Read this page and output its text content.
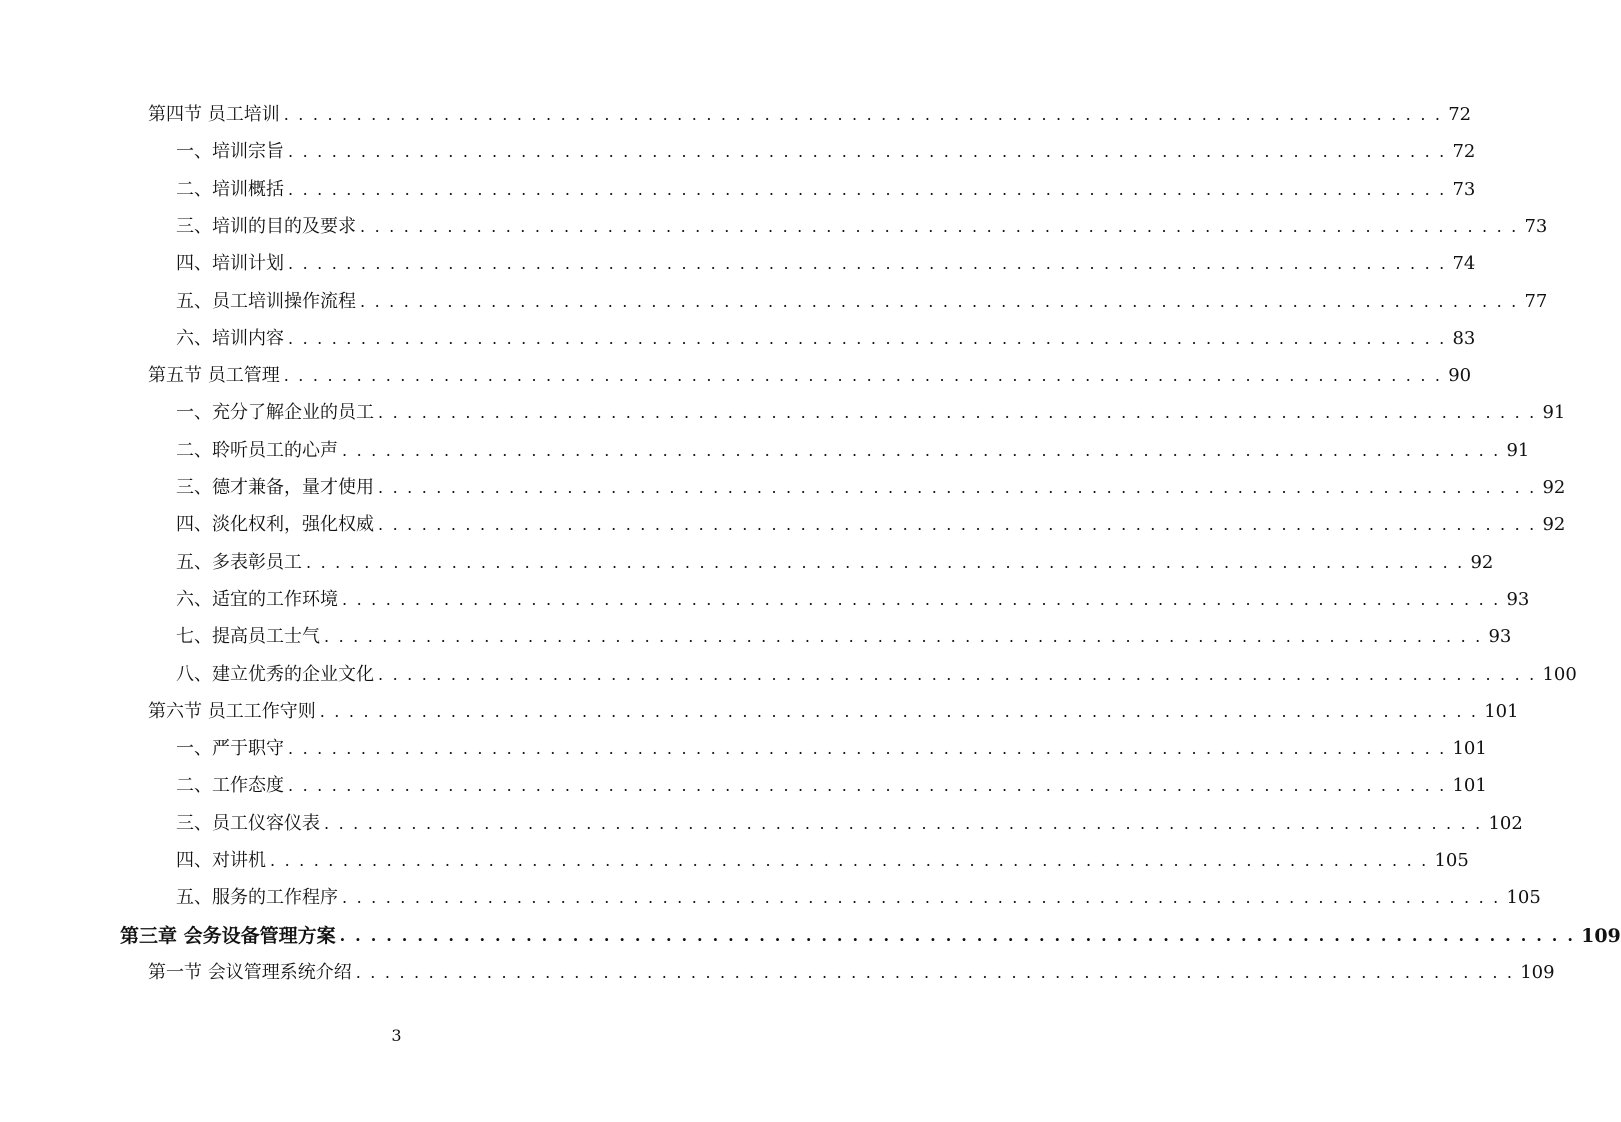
第四节 员工培训 . . . . . . . . . . . . . . . . . . . . . . . . . . . . . . . . . . . . . . . . . . . . . . . . . . . . . . . . . . . . . . . . . . . . . . . . . . . . . . . . 72
一、培训宗旨 . . . . . . . . . . . . . . . . . . . . . . . . . . . . . . . . . . . . . . . . . . . . . . . . . . . . . . . . . . . . . . . . . . . . . . . . . . . . . . . . 72
二、培训概括 . . . . . . . . . . . . . . . . . . . . . . . . . . . . . . . . . . . . . . . . . . . . . . . . . . . . . . . . . . . . . . . . . . . . . . . . . . . . . . . . 73
三、培训的目的及要求 . . . . . . . . . . . . . . . . . . . . . . . . . . . . . . . . . . . . . . . . . . . . . . . . . . . . . . . . . . . . . . . . . . . . . . . . . . . . . . . . 73
四、培训计划 . . . . . . . . . . . . . . . . . . . . . . . . . . . . . . . . . . . . . . . . . . . . . . . . . . . . . . . . . . . . . . . . . . . . . . . . . . . . . . . . 74
五、员工培训操作流程 . . . . . . . . . . . . . . . . . . . . . . . . . . . . . . . . . . . . . . . . . . . . . . . . . . . . . . . . . . . . . . . . . . . . . . . . . . . . . . . . 77
六、培训内容 . . . . . . . . . . . . . . . . . . . . . . . . . . . . . . . . . . . . . . . . . . . . . . . . . . . . . . . . . . . . . . . . . . . . . . . . . . . . . . . . 83
第五节 员工管理 . . . . . . . . . . . . . . . . . . . . . . . . . . . . . . . . . . . . . . . . . . . . . . . . . . . . . . . . . . . . . . . . . . . . . . . . . . . . . . . . 90
一、充分了解企业的员工 . . . . . . . . . . . . . . . . . . . . . . . . . . . . . . . . . . . . . . . . . . . . . . . . . . . . . . . . . . . . . . . . . . . . . . . . . . . . . . . . 91
二、聆听员工的心声 . . . . . . . . . . . . . . . . . . . . . . . . . . . . . . . . . . . . . . . . . . . . . . . . . . . . . . . . . . . . . . . . . . . . . . . . . . . . . . . . 91
三、德才兼备，量才使用 . . . . . . . . . . . . . . . . . . . . . . . . . . . . . . . . . . . . . . . . . . . . . . . . . . . . . . . . . . . . . . . . . . . . . . . . . . . . . . . . 92
四、淡化权利，强化权威 . . . . . . . . . . . . . . . . . . . . . . . . . . . . . . . . . . . . . . . . . . . . . . . . . . . . . . . . . . . . . . . . . . . . . . . . . . . . . . . . 92
五、多表彰员工 . . . . . . . . . . . . . . . . . . . . . . . . . . . . . . . . . . . . . . . . . . . . . . . . . . . . . . . . . . . . . . . . . . . . . . . . . . . . . . . . 92
六、适宜的工作环境 . . . . . . . . . . . . . . . . . . . . . . . . . . . . . . . . . . . . . . . . . . . . . . . . . . . . . . . . . . . . . . . . . . . . . . . . . . . . . . . . 93
七、提高员工士气 . . . . . . . . . . . . . . . . . . . . . . . . . . . . . . . . . . . . . . . . . . . . . . . . . . . . . . . . . . . . . . . . . . . . . . . . . . . . . . . . 93
八、建立优秀的企业文化 . . . . . . . . . . . . . . . . . . . . . . . . . . . . . . . . . . . . . . . . . . . . . . . . . . . . . . . . . . . . . . . . . . . . . . . . . . . . . . . . 100
第六节 员工工作守则 . . . . . . . . . . . . . . . . . . . . . . . . . . . . . . . . . . . . . . . . . . . . . . . . . . . . . . . . . . . . . . . . . . . . . . . . . . . . . . . . 101
一、严于职守 . . . . . . . . . . . . . . . . . . . . . . . . . . . . . . . . . . . . . . . . . . . . . . . . . . . . . . . . . . . . . . . . . . . . . . . . . . . . . . . . 101
二、工作态度 . . . . . . . . . . . . . . . . . . . . . . . . . . . . . . . . . . . . . . . . . . . . . . . . . . . . . . . . . . . . . . . . . . . . . . . . . . . . . . . . 101
三、员工仪容仪表 . . . . . . . . . . . . . . . . . . . . . . . . . . . . . . . . . . . . . . . . . . . . . . . . . . . . . . . . . . . . . . . . . . . . . . . . . . . . . . . . 102
四、对讲机 . . . . . . . . . . . . . . . . . . . . . . . . . . . . . . . . . . . . . . . . . . . . . . . . . . . . . . . . . . . . . . . . . . . . . . . . . . . . . . . . 105
五、服务的工作程序 . . . . . . . . . . . . . . . . . . . . . . . . . . . . . . . . . . . . . . . . . . . . . . . . . . . . . . . . . . . . . . . . . . . . . . . . . . . . . . . . 105
第三章 会务设备管理方案 . . . . . . . . . . . . . . . . . . . . . . . . . . . . . . . . . . . . . . . . . . . . . . . . . . . . . . . . . . . . . . . . . . . . . . . . . . . . . . . . 109
第一节 会议管理系统介绍 . . . . . . . . . . . . . . . . . . . . . . . . . . . . . . . . . . . . . . . . . . . . . . . . . . . . . . . . . . . . . . . . . . . . . . . . . . . . . . . . 109
3
